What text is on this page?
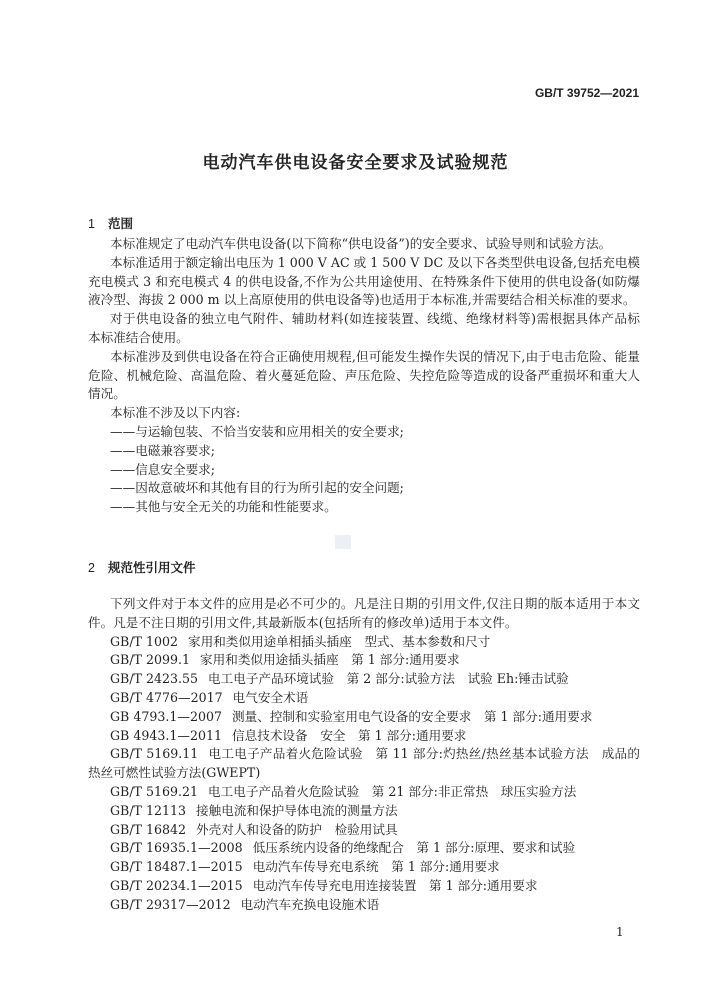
GB/T 39752—2021
电动汽车供电设备安全要求及试验规范
1 范围
本标准规定了电动汽车供电设备(以下简称“供电设备”)的安全要求、试验导则和试验方法。
本标准适用于额定输出电压为 1 000 V AC 或 1 500 V DC 及以下各类型供电设备,包括充电模
充电模式 3 和充电模式 4 的供电设备,不作为公共用途使用、在特殊条件下使用的供电设备(如防爆
液冷型、海拔 2 000 m 以上高原使用的供电设备等)也适用于本标准,并需要结合相关标准的要求。
对于供电设备的独立电气附件、辅助材料(如连接装置、线缆、绝缘材料等)需根据具体产品标
本标准结合使用。
本标准涉及到供电设备在符合正确使用规程,但可能发生操作失误的情况下,由于电击危险、能量
危险、机械危险、高温危险、着火蔓延危险、声压危险、失控危险等造成的设备严重损坏和重大人
情况。
本标准不涉及以下内容:
——与运输包装、不恰当安装和应用相关的安全要求;
——电磁兼容要求;
——信息安全要求;
——因故意破坏和其他有目的行为所引起的安全问题;
——其他与安全无关的功能和性能要求。
2 规范性引用文件
下列文件对于本文件的应用是必不可少的。凡是注日期的引用文件,仅注日期的版本适用于本文
件。凡是不注日期的引用文件,其最新版本(包括所有的修改单)适用于本文件。
GB/T 1002 家用和类似用途单相插头插座　型式、基本参数和尺寸
GB/T 2099.1 家用和类似用途插头插座　第 1 部分:通用要求
GB/T 2423.55 电工电子产品环境试验　第 2 部分:试验方法　试验 Eh:锤击试验
GB/T 4776—2017 电气安全术语
GB 4793.1—2007 测量、控制和实验室用电气设备的安全要求　第 1 部分:通用要求
GB 4943.1—2011 信息技术设备　安全　第 1 部分:通用要求
GB/T 5169.11 电工电子产品着火危险试验　第 11 部分:灼热丝/热丝基本试验方法　成品的
热丝可燃性试验方法(GWEPT)
GB/T 5169.21 电工电子产品着火危险试验　第 21 部分:非正常热　球压实验方法
GB/T 12113 接触电流和保护导体电流的测量方法
GB/T 16842 外壳对人和设备的防护　检验用试具
GB/T 16935.1—2008 低压系统内设备的绝缘配合　第 1 部分:原理、要求和试验
GB/T 18487.1—2015 电动汽车传导充电系统　第 1 部分:通用要求
GB/T 20234.1—2015 电动汽车传导充电用连接装置　第 1 部分:通用要求
GB/T 29317—2012 电动汽车充换电设施术语
1
